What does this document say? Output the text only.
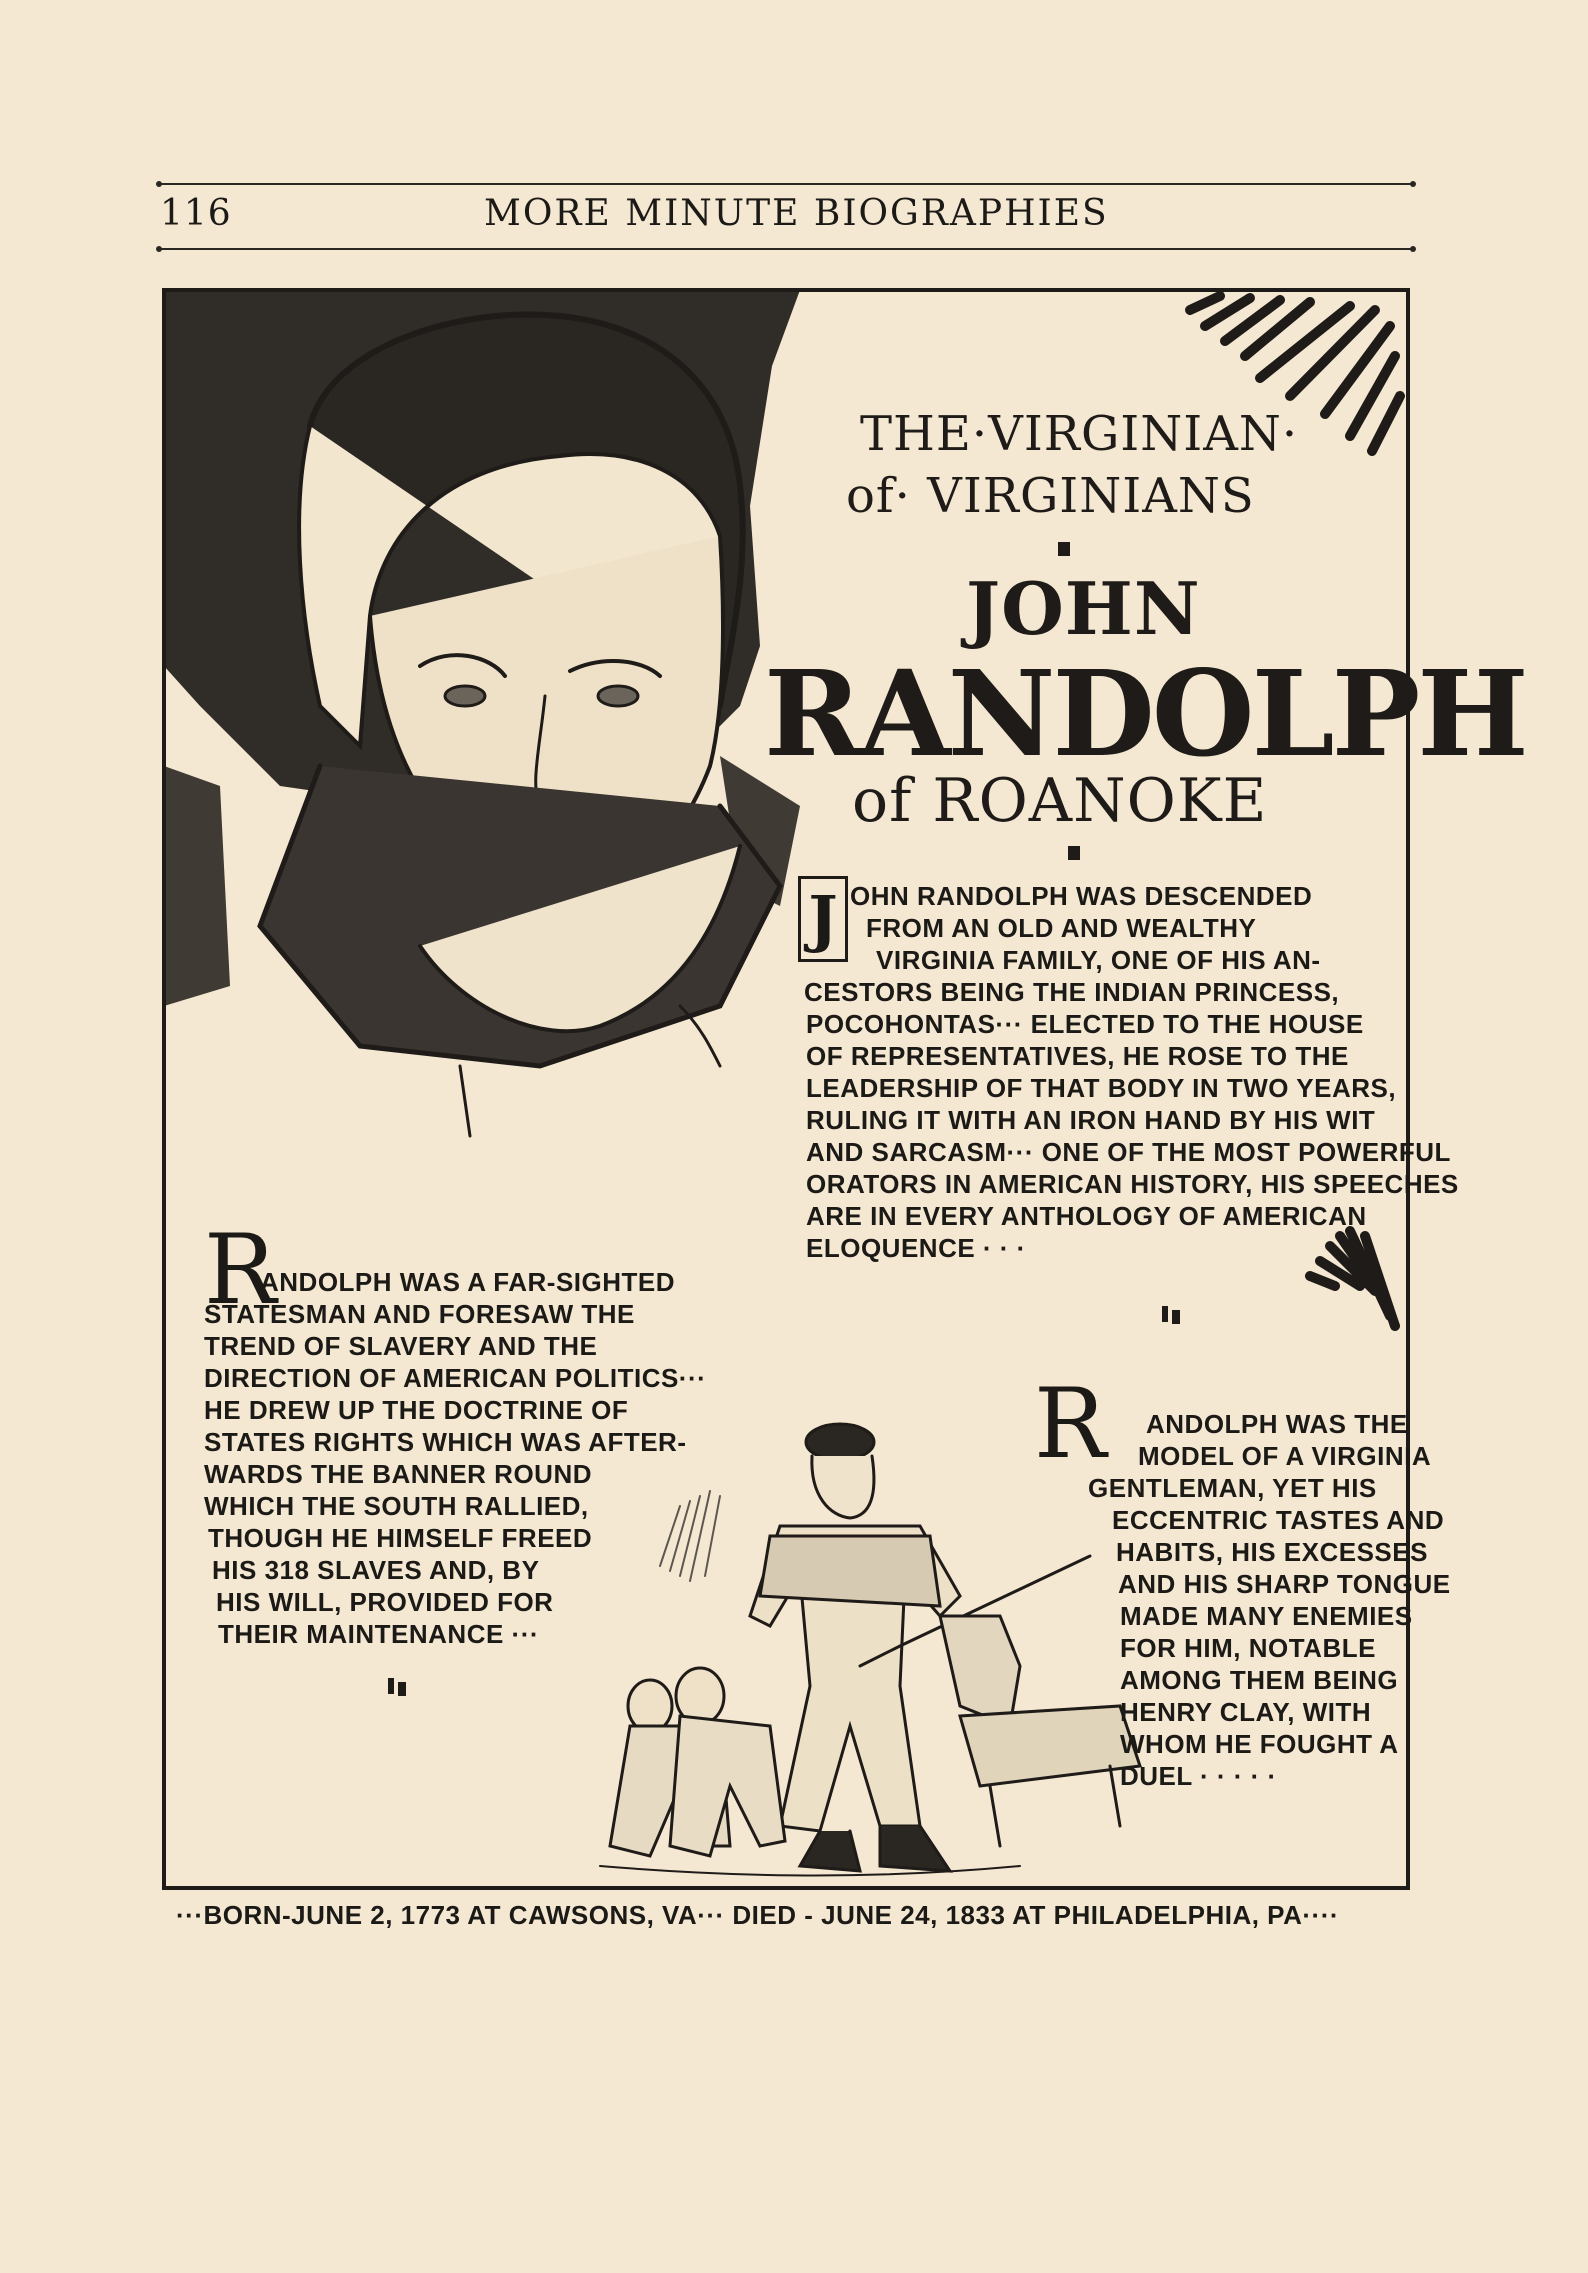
116	MORE MINUTE BIOGRAPHIES
THE·VIRGINIAN·
of· VIRGINIANS
JOHN
RANDOLPH
of ROANOKE
J OHN RANDOLPH WAS DESCENDED
FROM AN OLD AND WEALTHY
VIRGINIA FAMILY, ONE OF HIS AN-
CESTORS BEING THE INDIAN PRINCESS,
POCOHONTAS··· ELECTED TO THE HOUSE
OF REPRESENTATIVES, HE ROSE TO THE
LEADERSHIP OF THAT BODY IN TWO YEARS,
RULING IT WITH AN IRON HAND BY HIS WIT
AND SARCASM··· ONE OF THE MOST POWERFUL
ORATORS IN AMERICAN HISTORY, HIS SPEECHES
ARE IN EVERY ANTHOLOGY OF AMERICAN
ELOQUENCE · · ·
R
ANDOLPH WAS A FAR-SIGHTED
STATESMAN AND FORESAW THE
TREND OF SLAVERY AND THE
DIRECTION OF AMERICAN POLITICS···
HE DREW UP THE DOCTRINE OF
STATES RIGHTS WHICH WAS AFTER-
WARDS THE BANNER ROUND
WHICH THE SOUTH RALLIED,
THOUGH HE HIMSELF FREED
HIS 318 SLAVES AND, BY
HIS WILL, PROVIDED FOR
THEIR MAINTENANCE ···
R ANDOLPH WAS THE
MODEL OF A VIRGINIA
GENTLEMAN, YET HIS
ECCENTRIC TASTES AND
HABITS, HIS EXCESSES
AND HIS SHARP TONGUE
MADE MANY ENEMIES
FOR HIM, NOTABLE
AMONG THEM BEING
HENRY CLAY, WITH
WHOM HE FOUGHT A
DUEL · · · · ·
···BORN-JUNE 2, 1773 AT CAWSONS, VA··· DIED - JUNE 24, 1833 AT PHILADELPHIA, PA····
